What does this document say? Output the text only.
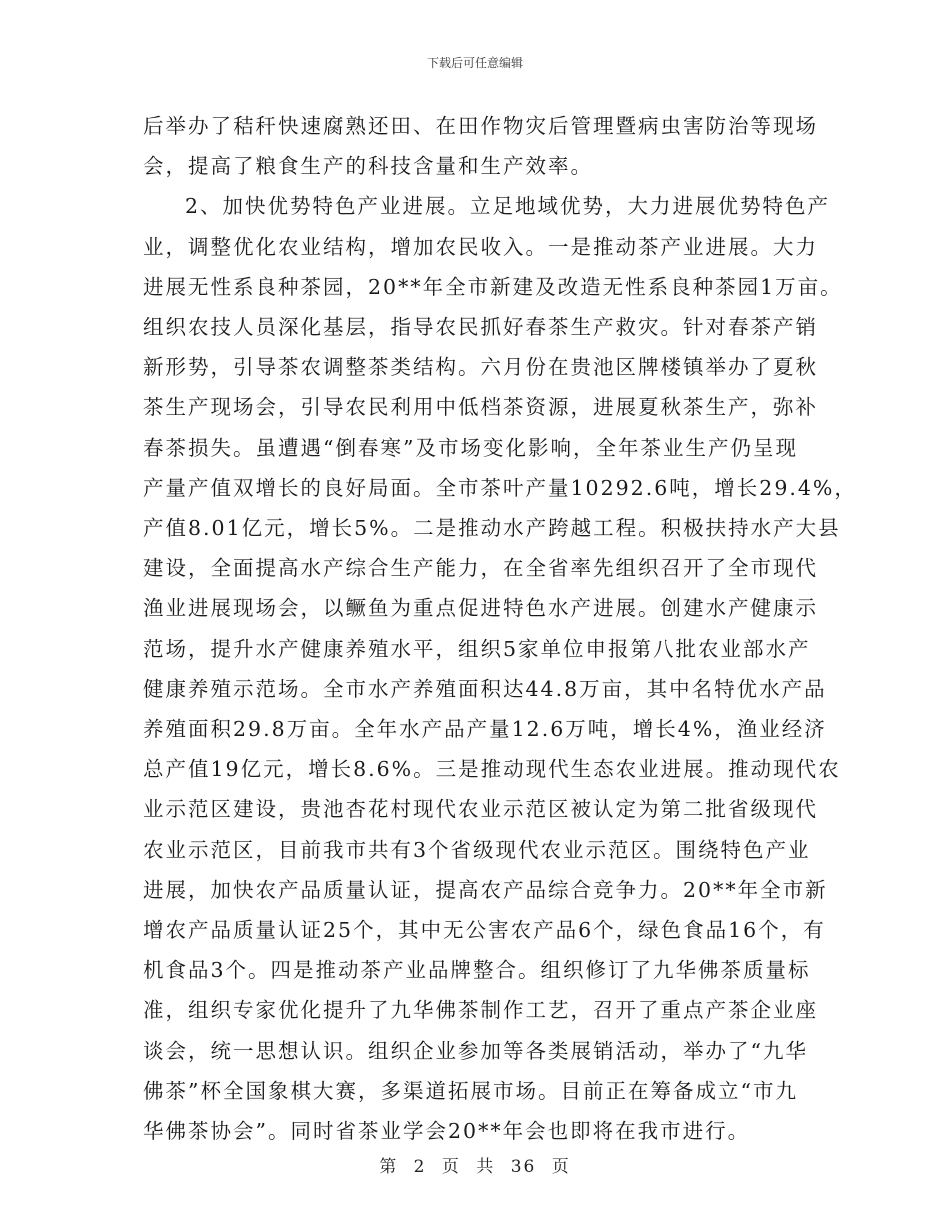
下载后可任意编辑

后举办了秸秆快速腐熟还田、在田作物灾后管理暨病虫害防治等现场
会，提高了粮食生产的科技含量和生产效率。

2、加快优势特色产业进展。立足地域优势，大力进展优势特色产
业，调整优化农业结构，增加农民收入。一是推动茶产业进展。大力
进展无性系良种茶园，20**年全市新建及改造无性系良种茶园1万亩。
组织农技人员深化基层，指导农民抓好春茶生产救灾。针对春茶产销
新形势，引导茶农调整茶类结构。六月份在贵池区牌楼镇举办了夏秋
茶生产现场会，引导农民利用中低档茶资源，进展夏秋茶生产，弥补
春茶损失。虽遭遇“倒春寒”及市场变化影响，全年茶业生产仍呈现
产量产值双增长的良好局面。全市茶叶产量10292.6吨，增长29.4%，
产值8.01亿元，增长5%。二是推动水产跨越工程。积极扶持水产大县
建设，全面提高水产综合生产能力，在全省率先组织召开了全市现代
渔业进展现场会，以鳜鱼为重点促进特色水产进展。创建水产健康示
范场，提升水产健康养殖水平，组织5家单位申报第八批农业部水产
健康养殖示范场。全市水产养殖面积达44.8万亩，其中名特优水产品
养殖面积29.8万亩。全年水产品产量12.6万吨，增长4%，渔业经济
总产值19亿元，增长8.6%。三是推动现代生态农业进展。推动现代农
业示范区建设，贵池杏花村现代农业示范区被认定为第二批省级现代
农业示范区，目前我市共有3个省级现代农业示范区。围绕特色产业
进展，加快农产品质量认证，提高农产品综合竞争力。20**年全市新
增农产品质量认证25个，其中无公害农产品6个，绿色食品16个，有
机食品3个。四是推动茶产业品牌整合。组织修订了九华佛茶质量标
准，组织专家优化提升了九华佛茶制作工艺，召开了重点产茶企业座
谈会，统一思想认识。组织企业参加等各类展销活动，举办了“九华
佛茶”杯全国象棋大赛，多渠道拓展市场。目前正在筹备成立“市九
华佛茶协会”。同时省茶业学会20**年会也即将在我市进行。

第 2 页 共 36 页
